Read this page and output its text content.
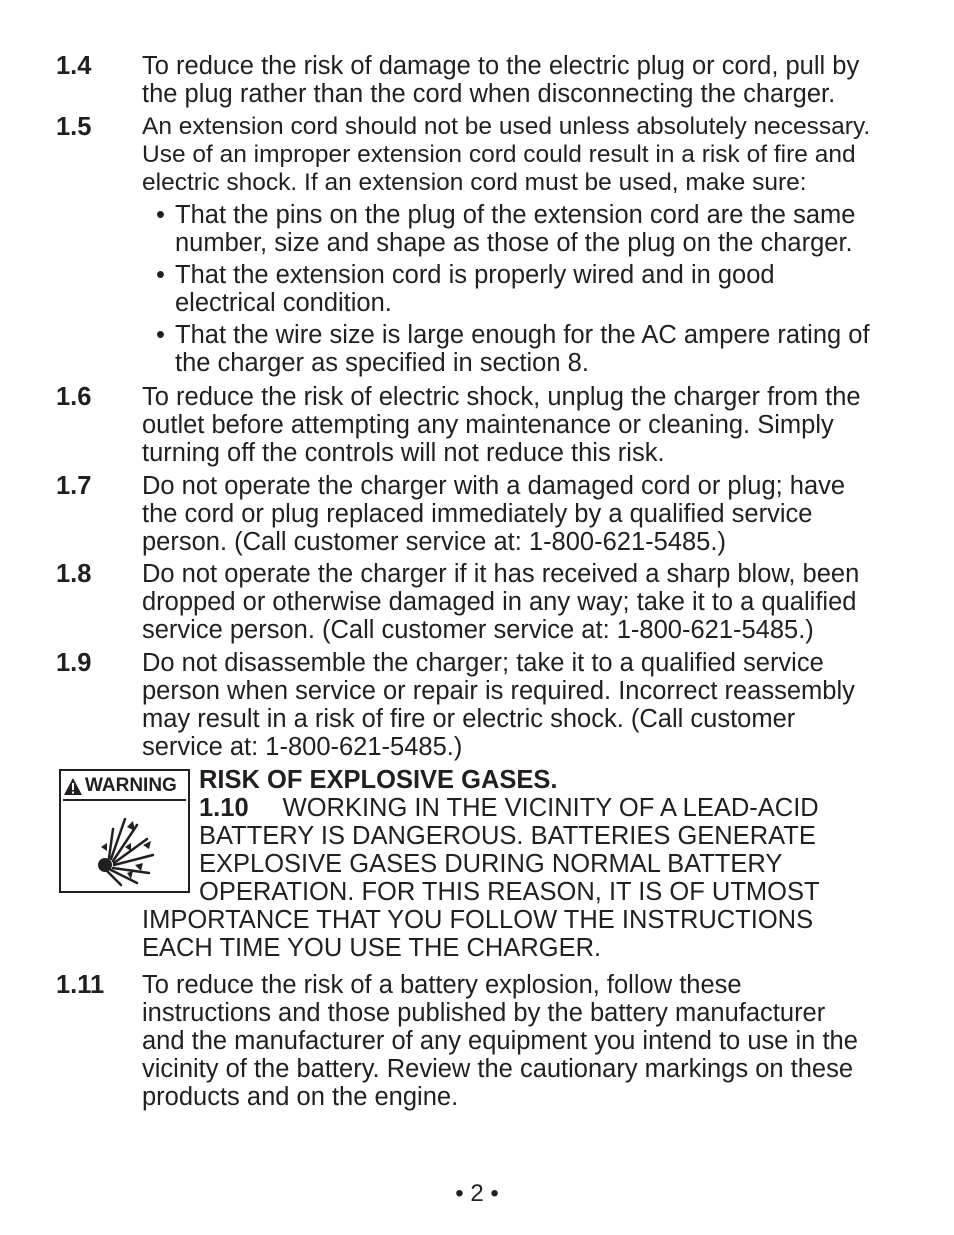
1.4 To reduce the risk of damage to the electric plug or cord, pull by
the plug rather than the cord when disconnecting the charger.
1.5 An extension cord should not be used unless absolutely necessary.
Use of an improper extension cord could result in a risk of fire and
electric shock. If an extension cord must be used, make sure:
• That the pins on the plug of the extension cord are the same
number, size and shape as those of the plug on the charger.
• That the extension cord is properly wired and in good
electrical condition.
• That the wire size is large enough for the AC ampere rating of
the charger as specified in section 8.
1.6 To reduce the risk of electric shock, unplug the charger from the
outlet before attempting any maintenance or cleaning. Simply
turning off the controls will not reduce this risk.
1.7 Do not operate the charger with a damaged cord or plug; have
the cord or plug replaced immediately by a qualified service
person. (Call customer service at: 1-800-621-5485.)
1.8 Do not operate the charger if it has received a sharp blow, been
dropped or otherwise damaged in any way; take it to a qualified
service person. (Call customer service at: 1-800-621-5485.)
1.9 Do not disassemble the charger; take it to a qualified service
person when service or repair is required. Incorrect reassembly
may result in a risk of fire or electric shock. (Call customer
service at: 1-800-621-5485.)
WARNING RISK OF EXPLOSIVE GASES.
1.10 WORKING IN THE VICINITY OF A LEAD-ACID
BATTERY IS DANGEROUS. BATTERIES GENERATE
EXPLOSIVE GASES DURING NORMAL BATTERY
OPERATION. FOR THIS REASON, IT IS OF UTMOST
IMPORTANCE THAT YOU FOLLOW THE INSTRUCTIONS
EACH TIME YOU USE THE CHARGER.
1.11 To reduce the risk of a battery explosion, follow these
instructions and those published by the battery manufacturer
and the manufacturer of any equipment you intend to use in the
vicinity of the battery. Review the cautionary markings on these
products and on the engine.
• 2 •
